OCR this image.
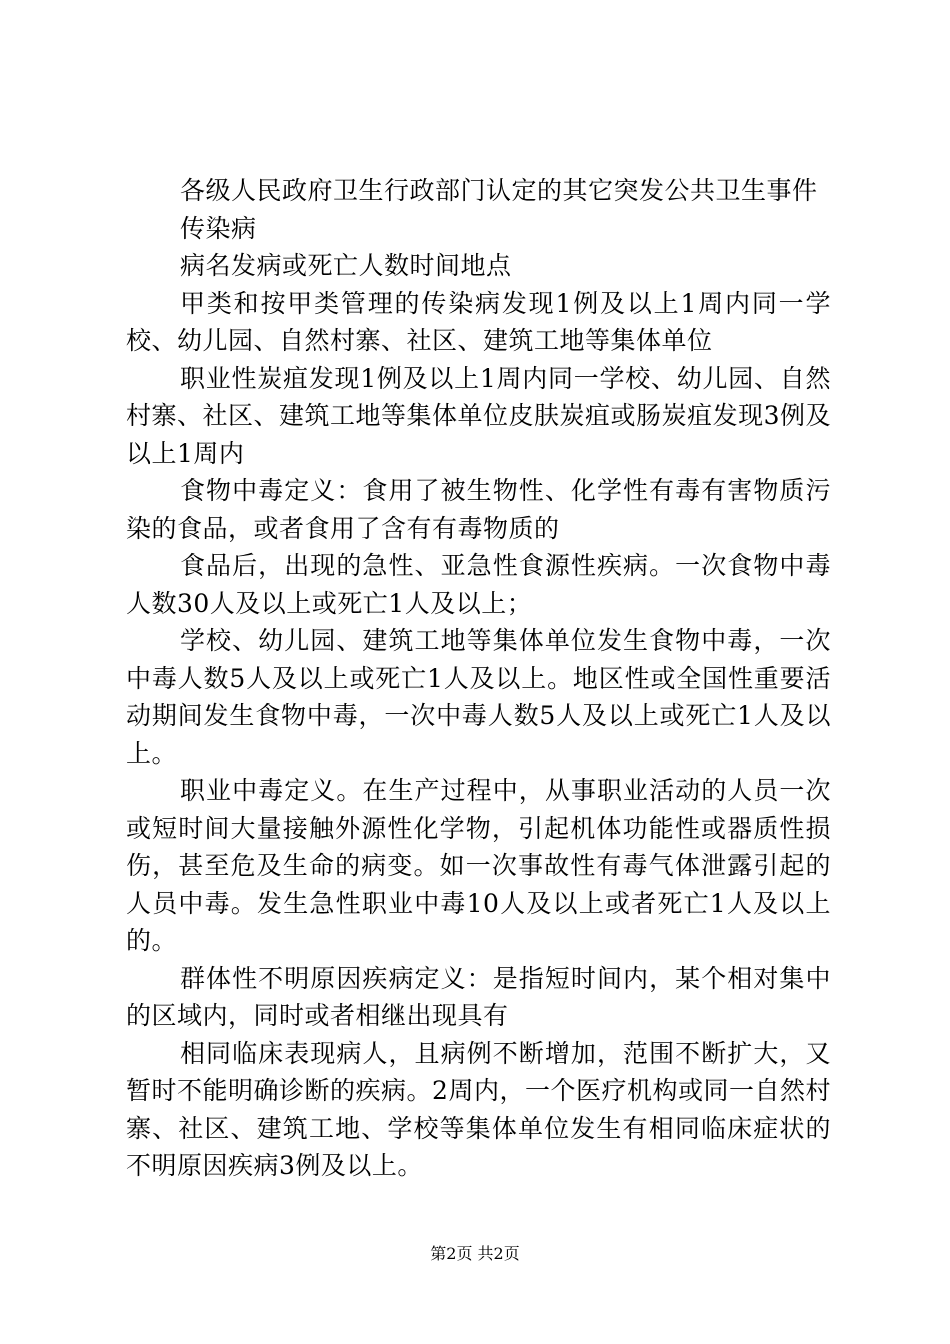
各级人民政府卫生行政部门认定的其它突发公共卫生事件

传染病

病名发病或死亡人数时间地点

甲类和按甲类管理的传染病发现1例及以上1周内同一学校、幼儿园、自然村寨、社区、建筑工地等集体单位

职业性炭疽发现1例及以上1周内同一学校、幼儿园、自然村寨、社区、建筑工地等集体单位皮肤炭疽或肠炭疽发现3例及以上1周内

食物中毒定义：食用了被生物性、化学性有毒有害物质污染的食品，或者食用了含有有毒物质的

食品后，出现的急性、亚急性食源性疾病。一次食物中毒人数30人及以上或死亡1人及以上；

学校、幼儿园、建筑工地等集体单位发生食物中毒，一次中毒人数5人及以上或死亡1人及以上。地区性或全国性重要活动期间发生食物中毒，一次中毒人数5人及以上或死亡1人及以上。

职业中毒定义。在生产过程中，从事职业活动的人员一次或短时间大量接触外源性化学物，引起机体功能性或器质性损伤，甚至危及生命的病变。如一次事故性有毒气体泄露引起的人员中毒。发生急性职业中毒10人及以上或者死亡1人及以上的。

群体性不明原因疾病定义：是指短时间内，某个相对集中的区域内，同时或者相继出现具有

相同临床表现病人，且病例不断增加，范围不断扩大，又暂时不能明确诊断的疾病。2周内，一个医疗机构或同一自然村寨、社区、建筑工地、学校等集体单位发生有相同临床症状的不明原因疾病3例及以上。

第2页 共2页
